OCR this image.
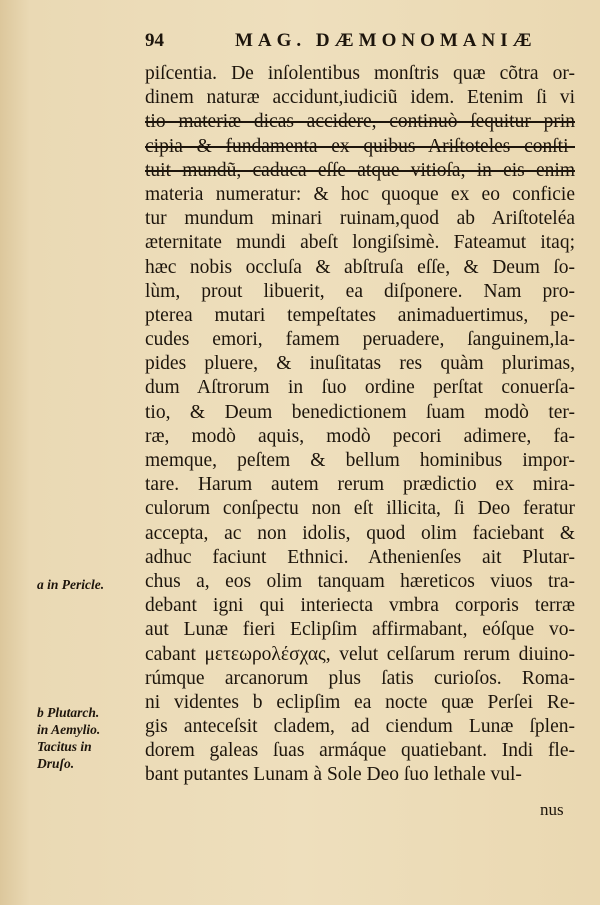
94	MAG. DÆMONOMANIÆ
piſcentia. De inſolentibus monſtris quæ cõtra or-
dinem naturæ accidunt,iudiciũ idem. Etenim ſi vi
tio materiæ dicas accidere, continuò ſequitur prin
cipia & fundamenta ex quibus Ariſtoteles conſti-
tuit mundũ, caduca eſſe atque vitioſa, in eis enim
materia numeratur: & hoc quoque ex eo conficie
tur mundum minari ruinam,quod ab Ariſtoteléa
æternitate mundi abeſt longiſsimè. Fateamut itaq;
hæc nobis occluſa & abſtruſa eſſe, & Deum ſo-
lùm, prout libuerit, ea diſponere. Nam pro-
pterea mutari tempeſtates animaduertimus, pe-
cudes emori, famem peruadere, ſanguinem,la-
pides pluere, & inuſitatas res quàm plurimas,
dum Aſtrorum in ſuo ordine perſtat conuerſa-
tio, & Deum benedictionem ſuam modò ter-
ræ, modò aquis, modò pecori adimere, fa-
memque, peſtem & bellum hominibus impor-
tare. Harum autem rerum prædictio ex mira-
culorum conſpectu non eſt illicita, ſi Deo feratur
accepta, ac non idolis, quod olim faciebant &
adhuc faciunt Ethnici. Athenienſes ait Plutar-
chus a, eos olim tanquam hæreticos viuos tra-
debant igni qui interiecta vmbra corporis terræ
aut Lunæ fieri Eclipſim affirmabant, eóſque vo-
cabant μετεωρολέσχας, velut celſarum rerum diuino-
rúmque arcanorum plus ſatis curioſos. Roma-
ni videntes b eclipſim ea nocte quæ Perſei Re-
gis anteceſsit cladem, ad ciendum Lunæ ſplen-
dorem galeas ſuas armáque quatiebant. Indi fle-
bant putantes Lunam à Sole Deo ſuo lethale vul-
a in Pericle.
b Plutarch.
in Aemylio.
Tacitus in
Druſo.
nus
